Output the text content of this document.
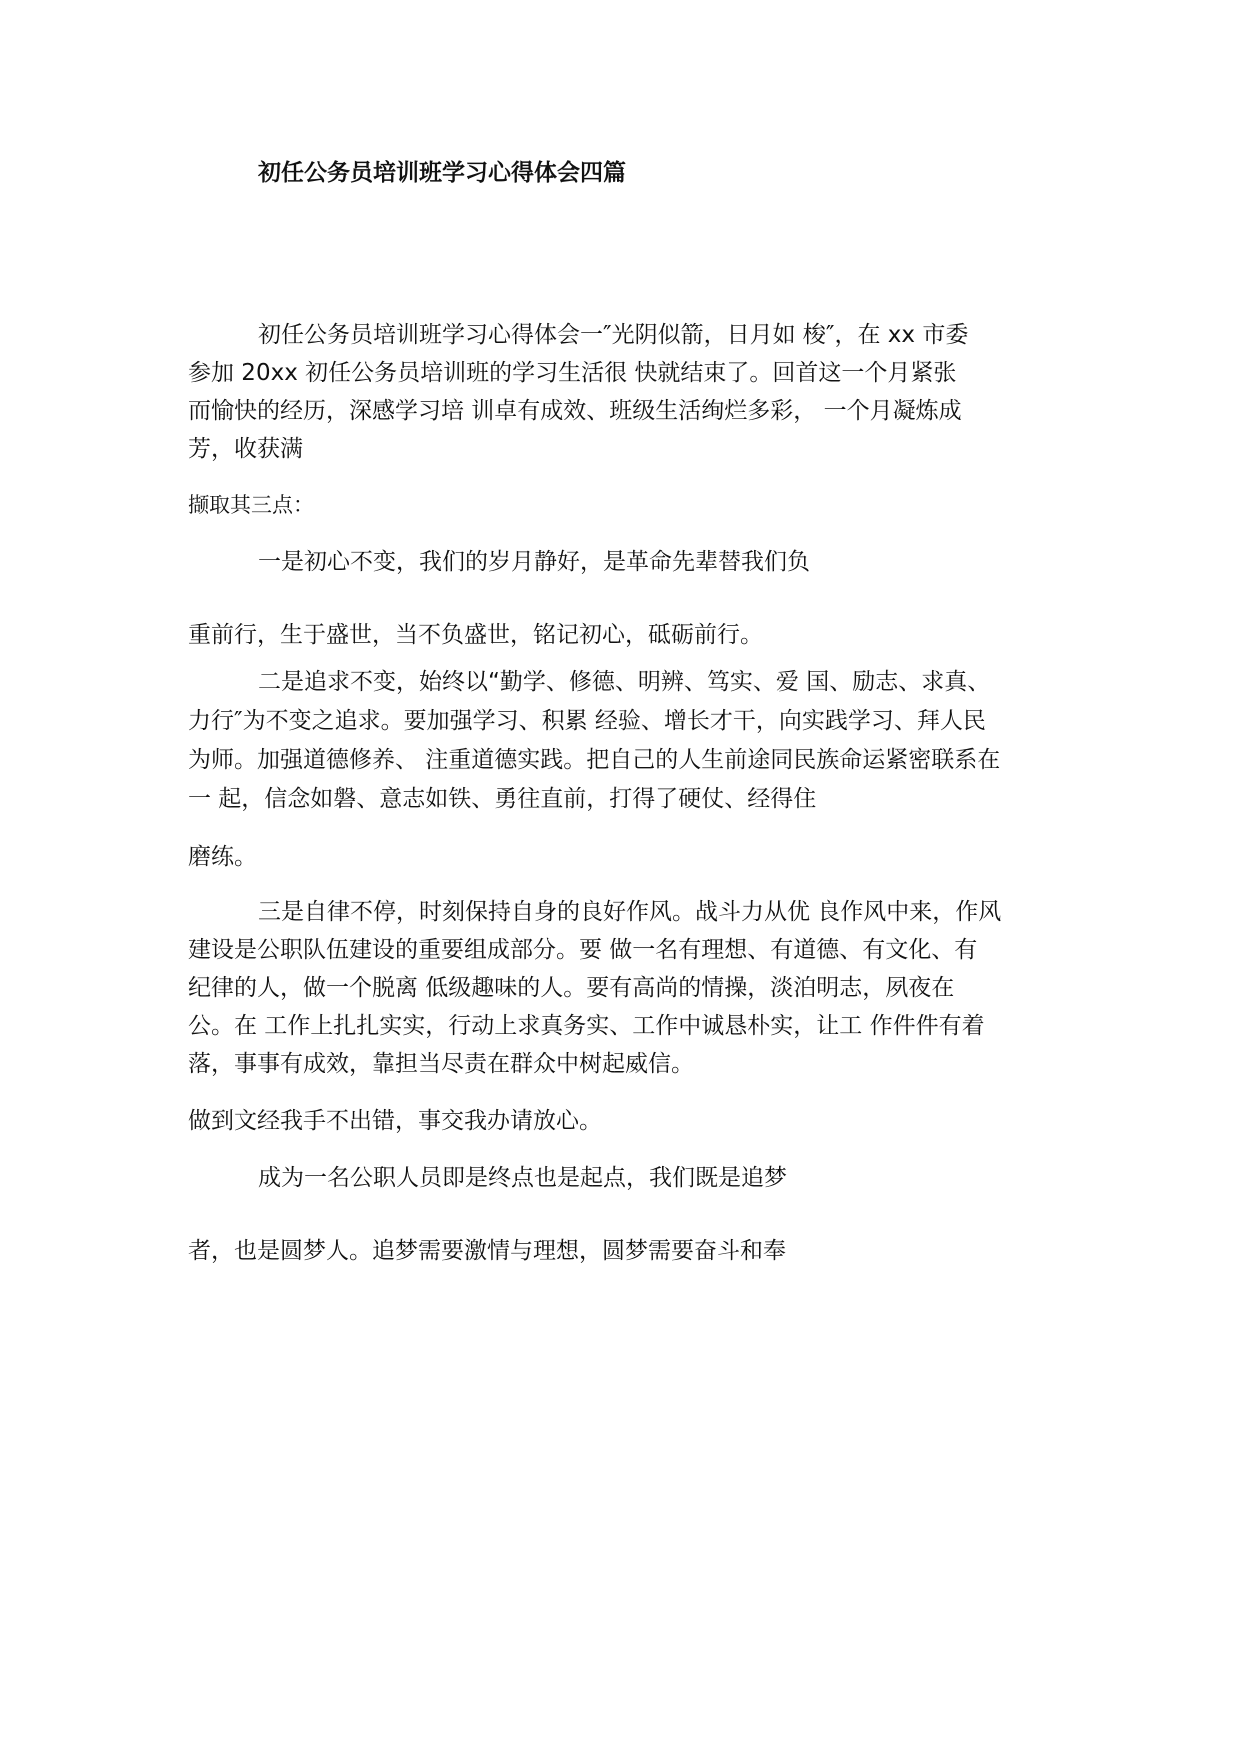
初任公务员培训班学习心得体会四篇
初任公务员培训班学习心得体会一″光阴似箭，日月如 梭″，在 xx 市委
参加 20xx 初任公务员培训班的学习生活很 快就结束了。回首这一个月紧张
而愉快的经历，深感学习培 训卓有成效、班级生活绚烂多彩， 一个月凝炼成
芳，收获满
撷取其三点：
一是初心不变，我们的岁月静好，是革命先辈替我们负
重前行，生于盛世，当不负盛世，铭记初心，砥砺前行。
二是追求不变，始终以“勤学、修德、明辨、笃实、爱 国、励志、求真、
力行″为不变之追求。要加强学习、积累 经验、增长才干，向实践学习、拜人民
为师。加强道德修养、 注重道德实践。把自己的人生前途同民族命运紧密联系在
一 起，信念如磐、意志如铁、勇往直前，打得了硬仗、经得住
磨练。
三是自律不停，时刻保持自身的良好作风。战斗力从优 良作风中来，作风
建设是公职队伍建设的重要组成部分。要 做一名有理想、有道德、有文化、有
纪律的人，做一个脱离 低级趣味的人。要有高尚的情操，淡泊明志，夙夜在
公。在 工作上扎扎实实，行动上求真务实、工作中诚恳朴实，让工 作件件有着
落，事事有成效，靠担当尽责在群众中树起威信。
做到文经我手不出错，事交我办请放心。
成为一名公职人员即是终点也是起点，我们既是追梦
者，也是圆梦人。追梦需要激情与理想，圆梦需要奋斗和奉
